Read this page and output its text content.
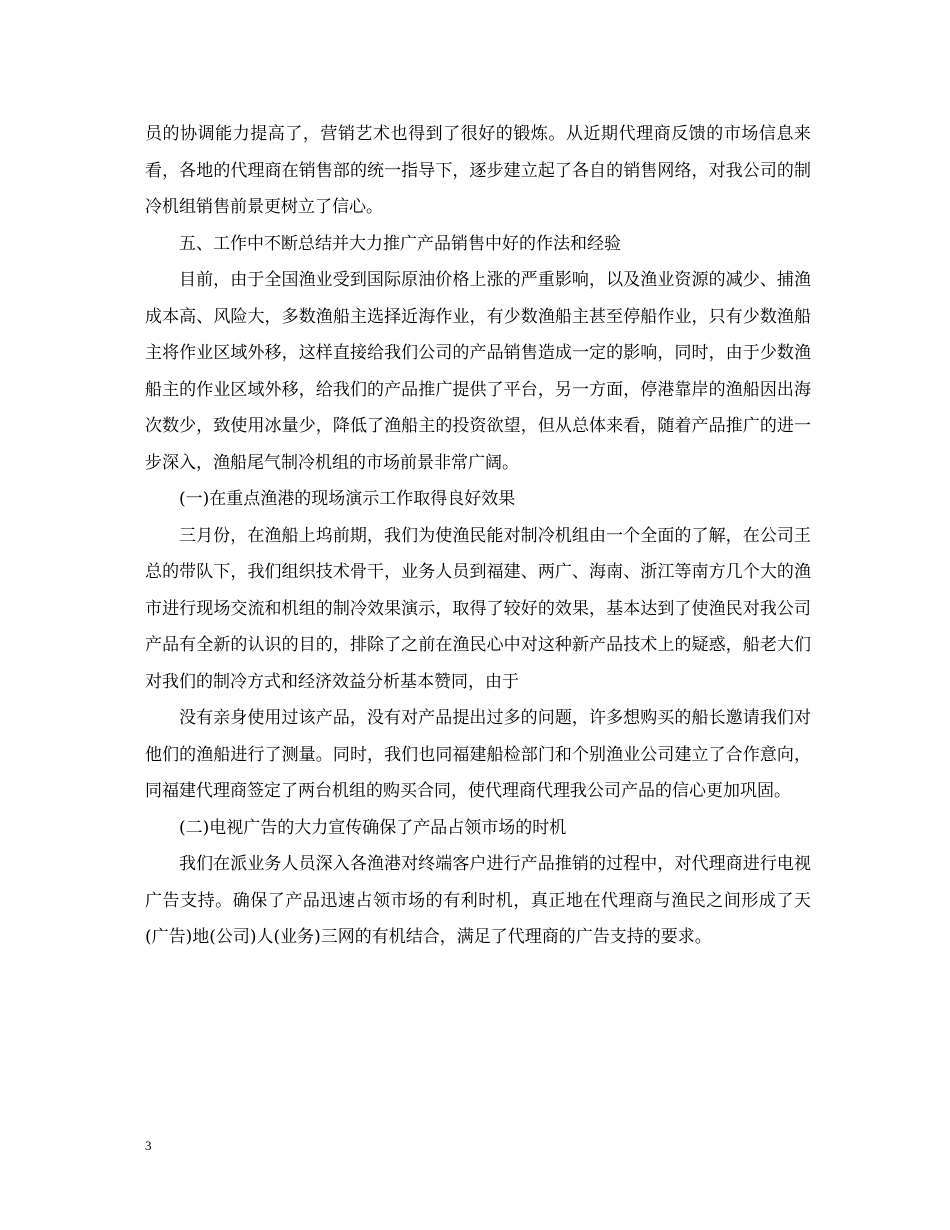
员的协调能力提高了，营销艺术也得到了很好的锻炼。从近期代理商反馈的市场信息来看，各地的代理商在销售部的统一指导下，逐步建立起了各自的销售网络，对我公司的制冷机组销售前景更树立了信心。

五、工作中不断总结并大力推广产品销售中好的作法和经验

目前，由于全国渔业受到国际原油价格上涨的严重影响，以及渔业资源的减少、捕渔成本高、风险大，多数渔船主选择近海作业，有少数渔船主甚至停船作业，只有少数渔船主将作业区域外移，这样直接给我们公司的产品销售造成一定的影响，同时，由于少数渔船主的作业区域外移，给我们的产品推广提供了平台，另一方面，停港靠岸的渔船因出海次数少，致使用冰量少，降低了渔船主的投资欲望，但从总体来看，随着产品推广的进一步深入，渔船尾气制冷机组的市场前景非常广阔。

(一)在重点渔港的现场演示工作取得良好效果

三月份，在渔船上坞前期，我们为使渔民能对制冷机组由一个全面的了解，在公司王总的带队下，我们组织技术骨干，业务人员到福建、两广、海南、浙江等南方几个大的渔市进行现场交流和机组的制冷效果演示，取得了较好的效果，基本达到了使渔民对我公司产品有全新的认识的目的，排除了之前在渔民心中对这种新产品技术上的疑惑，船老大们对我们的制冷方式和经济效益分析基本赞同，由于

没有亲身使用过该产品，没有对产品提出过多的问题，许多想购买的船长邀请我们对他们的渔船进行了测量。同时，我们也同福建船检部门和个别渔业公司建立了合作意向，同福建代理商签定了两台机组的购买合同，使代理商代理我公司产品的信心更加巩固。

(二)电视广告的大力宣传确保了产品占领市场的时机

我们在派业务人员深入各渔港对终端客户进行产品推销的过程中，对代理商进行电视广告支持。确保了产品迅速占领市场的有利时机，真正地在代理商与渔民之间形成了天(广告)地(公司)人(业务)三网的有机结合，满足了代理商的广告支持的要求。

3
